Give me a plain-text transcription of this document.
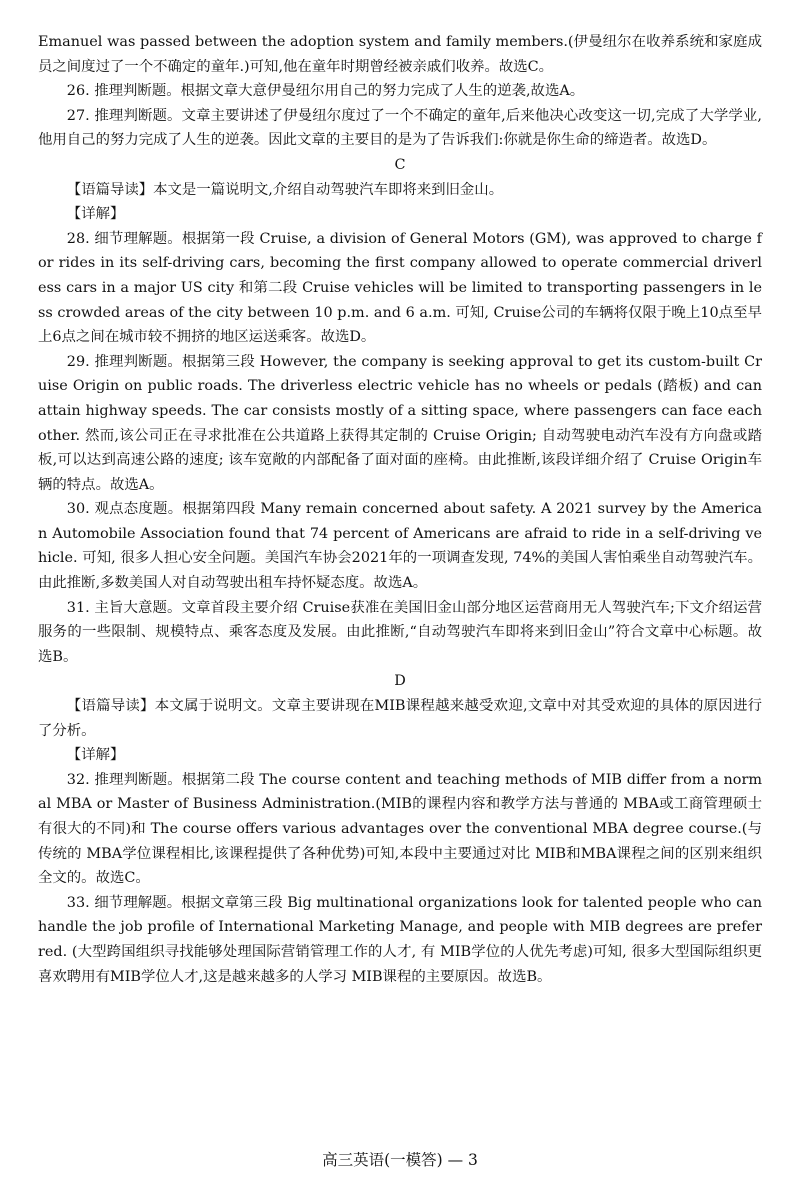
Emanuel was passed between the adoption system and family members.(伊曼纽尔在收养系统和家庭成员之间度过了一个不确定的童年.)可知,他在童年时期曾经被亲戚们收养。故选C。

26. 推理判断题。根据文章大意伊曼纽尔用自己的努力完成了人生的逆袭,故选A。

27. 推理判断题。文章主要讲述了伊曼纽尔度过了一个不确定的童年,后来他决心改变这一切,完成了大学学业,他用自己的努力完成了人生的逆袭。因此文章的主要目的是为了告诉我们:你就是你生命的缔造者。故选D。

C

【语篇导读】本文是一篇说明文,介绍自动驾驶汽车即将来到旧金山。

【详解】

28. 细节理解题。根据第一段 Cruise, a division of General Motors (GM), was approved to charge for rides in its self-driving cars, becoming the first company allowed to operate commercial driverless cars in a major US city 和第二段 Cruise vehicles will be limited to transporting passengers in less crowded areas of the city between 10 p.m. and 6 a.m. 可知, Cruise公司的车辆将仅限于晚上10点至早上6点之间在城市较不拥挤的地区运送乘客。故选D。

29. 推理判断题。根据第三段 However, the company is seeking approval to get its custom-built Cruise Origin on public roads. The driverless electric vehicle has no wheels or pedals (踏板) and can attain highway speeds. The car consists mostly of a sitting space, where passengers can face each other. 然而,该公司正在寻求批准在公共道路上获得其定制的 Cruise Origin; 自动驾驶电动汽车没有方向盘或踏板,可以达到高速公路的速度; 该车宽敞的内部配备了面对面的座椅。由此推断,该段详细介绍了 Cruise Origin车辆的特点。故选A。

30. 观点态度题。根据第四段 Many remain concerned about safety. A 2021 survey by the American Automobile Association found that 74 percent of Americans are afraid to ride in a self-driving vehicle. 可知, 很多人担心安全问题。美国汽车协会2021年的一项调查发现, 74%的美国人害怕乘坐自动驾驶汽车。由此推断,多数美国人对自动驾驶出租车持怀疑态度。故选A。

31. 主旨大意题。文章首段主要介绍 Cruise获准在美国旧金山部分地区运营商用无人驾驶汽车;下文介绍运营服务的一些限制、规模特点、乘客态度及发展。由此推断,“自动驾驶汽车即将来到旧金山”符合文章中心标题。故选B。

D

【语篇导读】本文属于说明文。文章主要讲现在MIB课程越来越受欢迎,文章中对其受欢迎的具体的原因进行了分析。

【详解】

32. 推理判断题。根据第二段 The course content and teaching methods of MIB differ from a normal MBA or Master of Business Administration.(MIB的课程内容和教学方法与普通的 MBA或工商管理硕士有很大的不同)和 The course offers various advantages over the conventional MBA degree course.(与传统的 MBA学位课程相比,该课程提供了各种优势)可知,本段中主要通过对比 MIB和MBA课程之间的区别来组织全文的。故选C。

33. 细节理解题。根据文章第三段 Big multinational organizations look for talented people who can handle the job profile of International Marketing Manage, and people with MIB degrees are preferred. (大型跨国组织寻找能够处理国际营销管理工作的人才, 有 MIB学位的人优先考虑)可知, 很多大型国际组织更喜欢聘用有MIB学位人才,这是越来越多的人学习 MIB课程的主要原因。故选B。

高三英语(一模答) — 3
